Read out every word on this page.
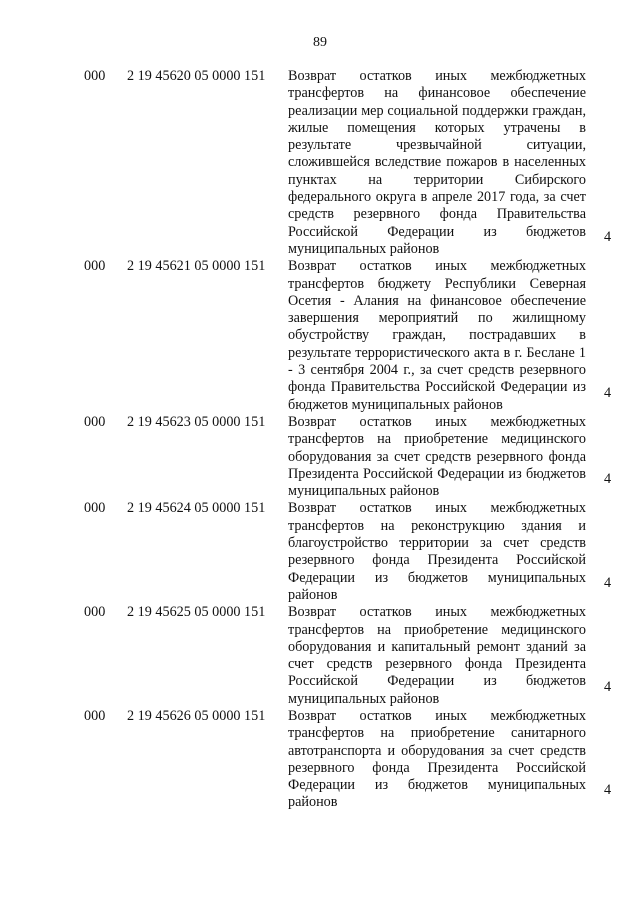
89
000 2 19 45620 05 0000 151 Возврат остатков иных межбюджетных трансфертов на финансовое обеспечение реализации мер социальной поддержки граждан, жилые помещения которых утрачены в результате чрезвычайной ситуации, сложившейся вследствие пожаров в населенных пунктах на территории Сибирского федерального округа в апреле 2017 года, за счет средств резервного фонда Правительства Российской Федерации из бюджетов муниципальных районов
4
000 2 19 45621 05 0000 151 Возврат остатков иных межбюджетных трансфертов бюджету Республики Северная Осетия - Алания на финансовое обеспечение завершения мероприятий по жилищному обустройству граждан, пострадавших в результате террористического акта в г. Беслане 1 - 3 сентября 2004 г., за счет средств резервного фонда Правительства Российской Федерации из бюджетов муниципальных районов
4
000 2 19 45623 05 0000 151 Возврат остатков иных межбюджетных трансфертов на приобретение медицинского оборудования за счет средств резервного фонда Президента Российской Федерации из бюджетов муниципальных районов
4
000 2 19 45624 05 0000 151 Возврат остатков иных межбюджетных трансфертов на реконструкцию здания и благоустройство территории за счет средств резервного фонда Президента Российской Федерации из бюджетов муниципальных районов
4
000 2 19 45625 05 0000 151 Возврат остатков иных межбюджетных трансфертов на приобретение медицинского оборудования и капитальный ремонт зданий за счет средств резервного фонда Президента Российской Федерации из бюджетов муниципальных районов
4
000 2 19 45626 05 0000 151 Возврат остатков иных межбюджетных трансфертов на приобретение санитарного автотранспорта и оборудования за счет средств резервного фонда Президента Российской Федерации из бюджетов муниципальных районов
4
